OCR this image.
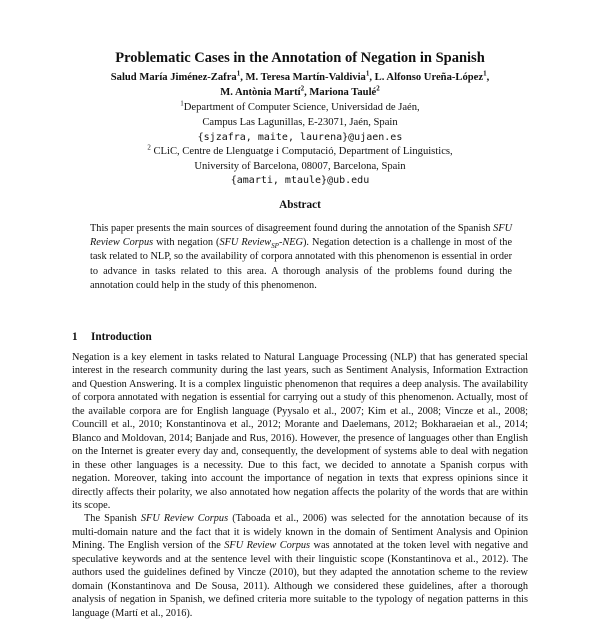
Problematic Cases in the Annotation of Negation in Spanish
Salud María Jiménez-Zafra$^1$, M. Teresa Martín-Valdivia$^1$, L. Alfonso Ureña-López$^1$,
M. Antònia Martí$^2$, Mariona Taulé$^2$
$^1$Department of Computer Science, Universidad de Jaén,
Campus Las Lagunillas, E-23071, Jaén, Spain
{sjzafra, maite, laurena}@ujaen.es
$^2$ CLiC, Centre de Llenguatge i Computació, Department of Linguistics,
University of Barcelona, 08007, Barcelona, Spain
{amarti, mtaule}@ub.edu
Abstract
This paper presents the main sources of disagreement found during the annotation of the Spanish SFU Review Corpus with negation (SFU Review$_{SP}$-NEG). Negation detection is a challenge in most of the task related to NLP, so the availability of corpora annotated with this phenomenon is essential in order to advance in tasks related to this area. A thorough analysis of the problems found during the annotation could help in the study of this phenomenon.
1 Introduction

Negation is a key element in tasks related to Natural Language Processing (NLP) that has generated special interest in the research community during the last years, such as Sentiment Analysis, Information Extraction and Question Answering. It is a complex linguistic phenomenon that requires a deep analysis. The availability of corpora annotated with negation is essential for carrying out a study of this phenomenon. Actually, most of the available corpora are for English language (Pyysalo et al., 2007; Kim et al., 2008; Vincze et al., 2008; Councill et al., 2010; Konstantinova et al., 2012; Morante and Daelemans, 2012; Bokharaeian et al., 2014; Blanco and Moldovan, 2014; Banjade and Rus, 2016). However, the presence of languages other than English on the Internet is greater every day and, consequently, the development of systems able to deal with negation in these other languages is a necessity. Due to this fact, we decided to annotate a Spanish corpus with negation. Moreover, taking into account the importance of negation in texts that express opinions since it directly affects their polarity, we also annotated how negation affects the polarity of the words that are within its scope.

The Spanish SFU Review Corpus (Taboada et al., 2006) was selected for the annotation because of its multi-domain nature and the fact that it is widely known in the domain of Sentiment Analysis and Opinion Mining. The English version of the SFU Review Corpus was annotated at the token level with negative and speculative keywords and at the sentence level with their linguistic scope (Konstantinova et al., 2012). The authors used the guidelines defined by Vincze (2010), but they adapted the annotation scheme to the review domain (Konstantinova and De Sousa, 2011). Although we considered these guidelines, after a thorough analysis of negation in Spanish, we defined criteria more suitable to the typology of negation patterns in this language (Martí et al., 2016).
